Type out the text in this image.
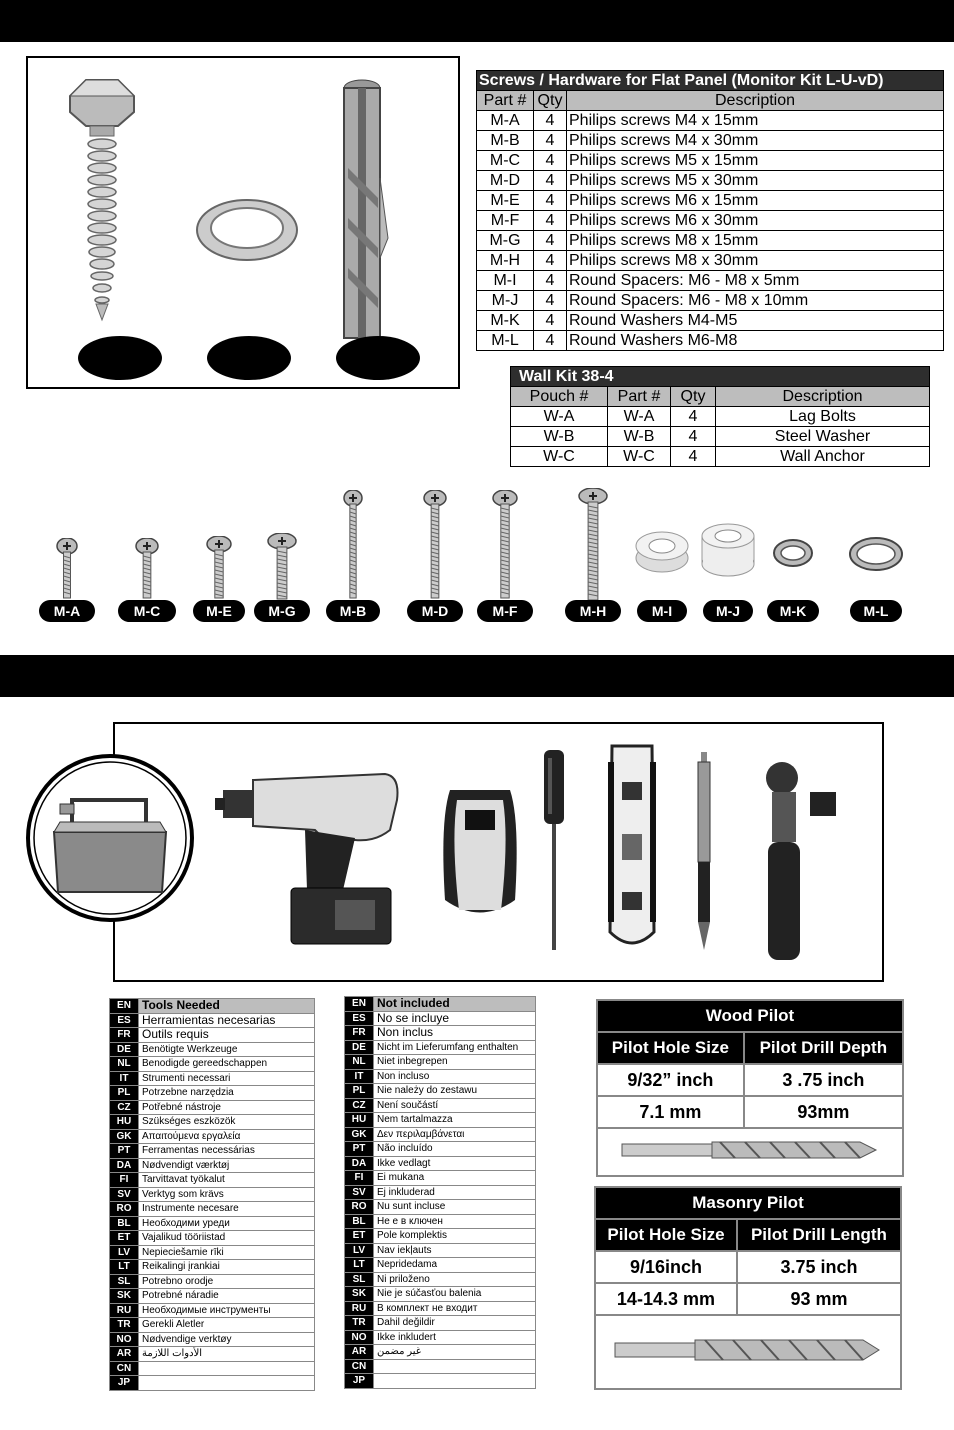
Screws / Hardware for Flat Panel (Monitor Kit L-U-vD)		
Part #	Qty	Description
M-A	4	Philips screws M4 x 15mm
M-B	4	Philips screws M4 x 30mm
M-C	4	Philips screws M5 x 15mm
M-D	4	Philips screws M5 x 30mm
M-E	4	Philips screws M6 x 15mm
M-F	4	Philips screws M6 x 30mm
M-G	4	Philips screws M8 x 15mm
M-H	4	Philips screws M8 x 30mm
M-I	4	Round Spacers: M6 - M8 x 5mm
M-J	4	Round Spacers: M6 - M8 x 10mm
M-K	4	Round Washers M4-M5
M-L	4	Round Washers M6-M8
Wall Kit 38-4			
Pouch #	Part #	Qty	Description
W-A	W-A	4	Lag Bolts
W-B	W-B	4	Steel Washer
W-C	W-C	4	Wall Anchor
M-A	M-C	M-E	M-G	M-B	M-D	M-F	M-H	M-I	M-J	M-K	M-L
EN	Tools Needed
ES	Herramientas necesarias
FR	Outils requis
DE	Benötigte Werkzeuge
NL	Benodigde gereedschappen
IT	Strumenti necessari
PL	Potrzebne narzędzia
CZ	Potřebné nástroje
HU	Szükséges eszközök
GK	Απαιτούμενα εργαλεία
PT	Ferramentas necessárias
DA	Nødvendigt værktøj
FI	Tarvittavat työkalut
SV	Verktyg som krävs
RO	Instrumente necesare
BL	Необходими уреди
ET	Vajalikud tööriistad
LV	Nepieciešamie rīki
LT	Reikalingi įrankiai
SL	Potrebno orodje
SK	Potrebné náradie
RU	Необходимые инструменты
TR	Gerekli Aletler
NO	Nødvendige verktøy
AR	الأدوات اللازمة
CN	
JP	
EN	Not included
ES	No se incluye
FR	Non inclus
DE	Nicht im Lieferumfang enthalten
NL	Niet inbegrepen
IT	Non incluso
PL	Nie należy do zestawu
CZ	Není součástí
HU	Nem tartalmazza
GK	Δεν περιλαμβάνεται
PT	Não incluído
DA	Ikke vedlagt
FI	Ei mukana
SV	Ej inkluderad
RO	Nu sunt incluse
BL	Не е в ключен
ET	Pole komplektis
LV	Nav iekļauts
LT	Nepridedama
SL	Ni priloženo
SK	Nie je súčasťou balenia
RU	В комплект не входит
TR	Dahil değildir
NO	Ikke inkludert
AR	غير مضمن
CN	
JP	
Wood Pilot	
Pilot Hole Size	Pilot Drill Depth
9/32” inch	3 .75 inch
7.1 mm	93mm

Masonry Pilot	
Pilot Hole Size	Pilot Drill Length
9/16inch	3.75 inch
14-14.3 mm	93 mm
